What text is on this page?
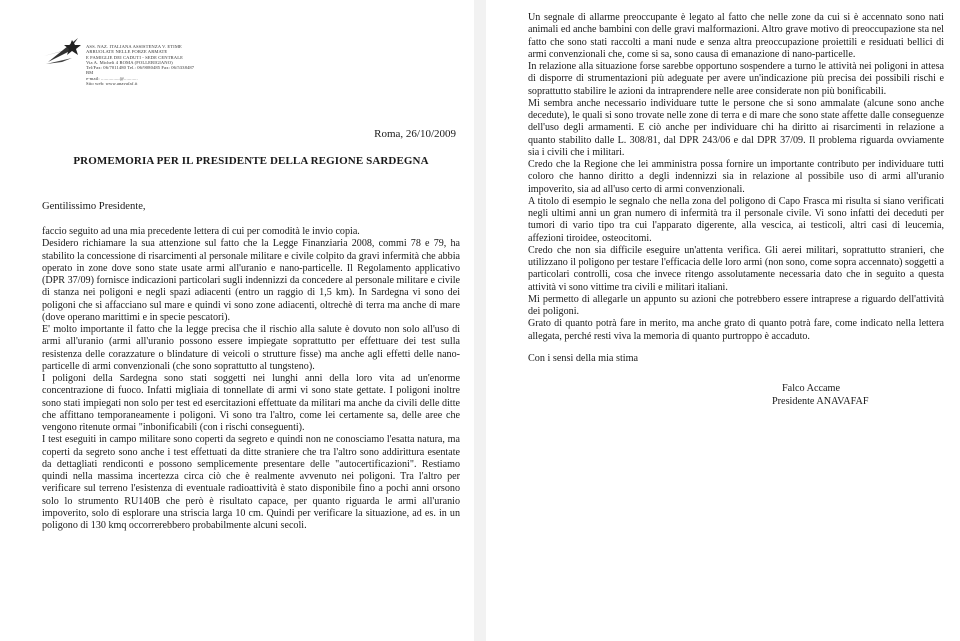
ASS. NAZ. ITALIANA ASSISTENZA V. ETIME
ARRUOLATE NELLE FORZE ARMATE
E FAMIGLIE DEI CADUTI - SEDE CENTRALE
Via A. Micheli 4 ROMA (FOLLERIGIANO)
Tel/Fax: 06/7011480 Tel.: 06/9080485 Fax: 06/5338487
BM
e-mail: ...............@...........
Sito web: www.anavafaf.it
Roma, 26/10/2009
PROMEMORIA PER IL PRESIDENTE DELLA REGIONE SARDEGNA
Gentilissimo Presidente,

faccio seguito ad una mia precedente lettera di cui per comodità le invio copia.

Desidero richiamare la sua attenzione sul fatto che la Legge Finanziaria 2008, commi 78 e 79, ha stabilito la concessione di risarcimenti al personale militare e civile colpito da gravi infermità che abbia operato in zone dove sono state usate armi all'uranio e nano-particelle. Il Regolamento applicativo (DPR 37/09) fornisce indicazioni particolari sugli indennizzi da concedere al personale militare e civile di stanza nei poligoni e negli spazi adiacenti (entro un raggio di 1,5 km). In Sardegna vi sono dei poligoni che si affacciano sul mare e quindi vi sono zone adiacenti, oltrechè di terra ma anche di mare (dove operano marittimi e in specie pescatori).

E' molto importante il fatto che la legge precisa che il rischio alla salute è dovuto non solo all'uso di armi all'uranio (armi all'uranio possono essere impiegate soprattutto per effettuare dei test sulla resistenza delle corazzature o blindature di veicoli o strutture fisse) ma anche agli effetti delle nano-particelle di armi convenzionali (che sono soprattutto al tungsteno).

I poligoni della Sardegna sono stati soggetti nei lunghi anni della loro vita ad un'enorme concentrazione di fuoco. Infatti migliaia di tonnellate di armi vi sono state gettate. I poligoni inoltre sono stati impiegati non solo per test ed esercitazioni effettuate da militari ma anche da civili delle ditte che affittano temporaneamente i poligoni. Vi sono tra l'altro, come lei certamente sa, delle aree che vengono ritenute ormai "inbonificabili (con i rischi conseguenti).

I test eseguiti in campo militare sono coperti da segreto e quindi non ne conosciamo l'esatta natura, ma coperti da segreto sono anche i test effettuati da ditte straniere che tra l'altro sono addirittura esentate da dettagliati rendiconti e possono semplicemente presentare delle "autocertificazioni". Restiamo quindi nella massima incertezza circa ciò che è realmente avvenuto nei poligoni. Tra l'altro per verificare sul terreno l'esistenza di eventuale radioattività è stato disponibile fino a pochi anni orsono solo lo strumento RU140B che però è risultato capace, per quanto riguarda le armi all'uranio impoverito, solo di esplorare una striscia larga 10 cm. Quindi per verificare la situazione, ad es. in un poligono di 130 kmq occorrerebbero probabilmente alcuni secoli.

Un segnale di allarme preoccupante è legato al fatto che nelle zone da cui si è accennato sono nati animali ed anche bambini con delle gravi malformazioni. Altro grave motivo di preoccupazione sta nel fatto che sono stati raccolti a mani nude e senza altra preoccupazione proiettili e residuati bellici di armi convenzionali che, come si sa, sono causa di emanazione di nano-particelle.

In relazione alla situazione forse sarebbe opportuno sospendere a turno le attività nei poligoni in attesa di disporre di strumentazioni più adeguate per avere un'indicazione più precisa dei possibili rischi e soprattutto stabilire le azioni da intraprendere nelle aree considerate non più bonificabili.

Mi sembra anche necessario individuare tutte le persone che si sono ammalate (alcune sono anche decedute), le quali si sono trovate nelle zone di terra e di mare che sono state affette dalle conseguenze dell'uso degli armamenti. E ciò anche per individuare chi ha diritto ai risarcimenti in relazione a quanto stabilito dalle L. 308/81, dal DPR 243/06 e dal DPR 37/09. Il problema riguarda ovviamente sia i civili che i militari.

Credo che la Regione che lei amministra possa fornire un importante contributo per individuare tutti coloro che hanno diritto a degli indennizzi sia in relazione al possibile uso di armi all'uranio impoverito, sia ad all'uso certo di armi convenzionali.

A titolo di esempio le segnalo che nella zona del poligono di Capo Frasca mi risulta si siano verificati negli ultimi anni un gran numero di infermità tra il personale civile. Vi sono infatti dei deceduti per tumori di vario tipo tra cui l'apparato digerente, alla vescica, ai testicoli, altri casi di leucemia, affezioni tiroidee, osteocitomi.

Credo che non sia difficile eseguire un'attenta verifica. Gli aerei militari, soprattutto stranieri, che utilizzano il poligono per testare l'efficacia delle loro armi (non sono, come sopra accennato) soggetti a particolari controlli, cosa che invece ritengo assolutamente necessaria dato che in seguito a questa attività vi sono vittime tra civili e militari italiani.

Mi permetto di allegarle un appunto su azioni che potrebbero essere intraprese a riguardo dell'attività dei poligoni.

Grato di quanto potrà fare in merito, ma anche grato di quanto potrà fare, come indicato nella lettera allegata, perché resti viva la memoria di quanto purtroppo è accaduto.

Con i sensi della mia stima
Falco Accame
Presidente ANAVAFAF
